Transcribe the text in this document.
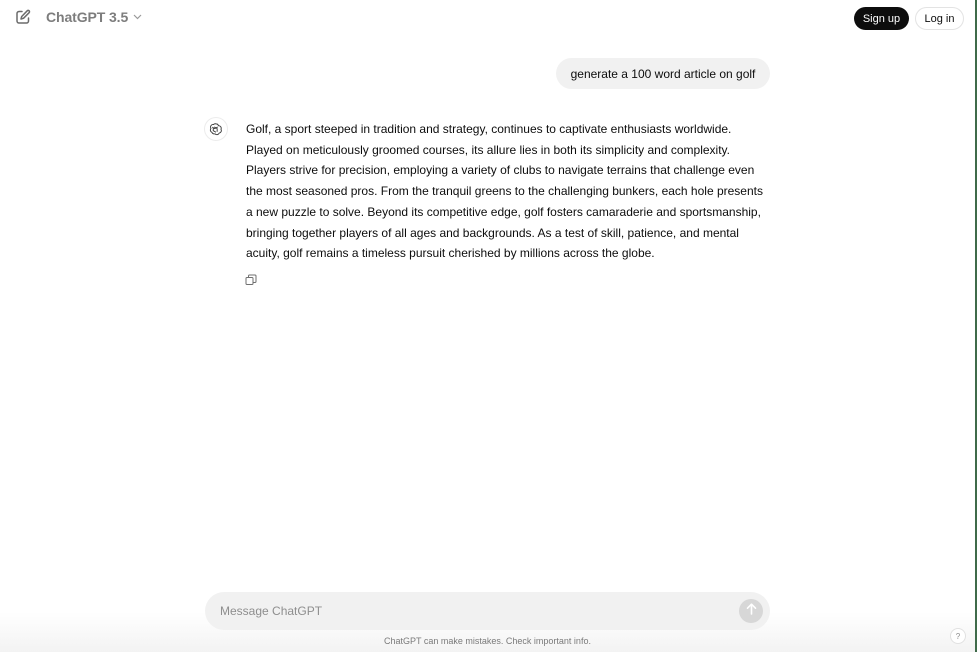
ChatGPT 3.5	Sign up	Log in
generate a 100 word article on golf
Golf, a sport steeped in tradition and strategy, continues to captivate enthusiasts worldwide.
Played on meticulously groomed courses, its allure lies in both its simplicity and complexity.
Players strive for precision, employing a variety of clubs to navigate terrains that challenge even
the most seasoned pros. From the tranquil greens to the challenging bunkers, each hole presents
a new puzzle to solve. Beyond its competitive edge, golf fosters camaraderie and sportsmanship,
bringing together players of all ages and backgrounds. As a test of skill, patience, and mental
acuity, golf remains a timeless pursuit cherished by millions across the globe.
Message ChatGPT
ChatGPT can make mistakes. Check important info.	?
